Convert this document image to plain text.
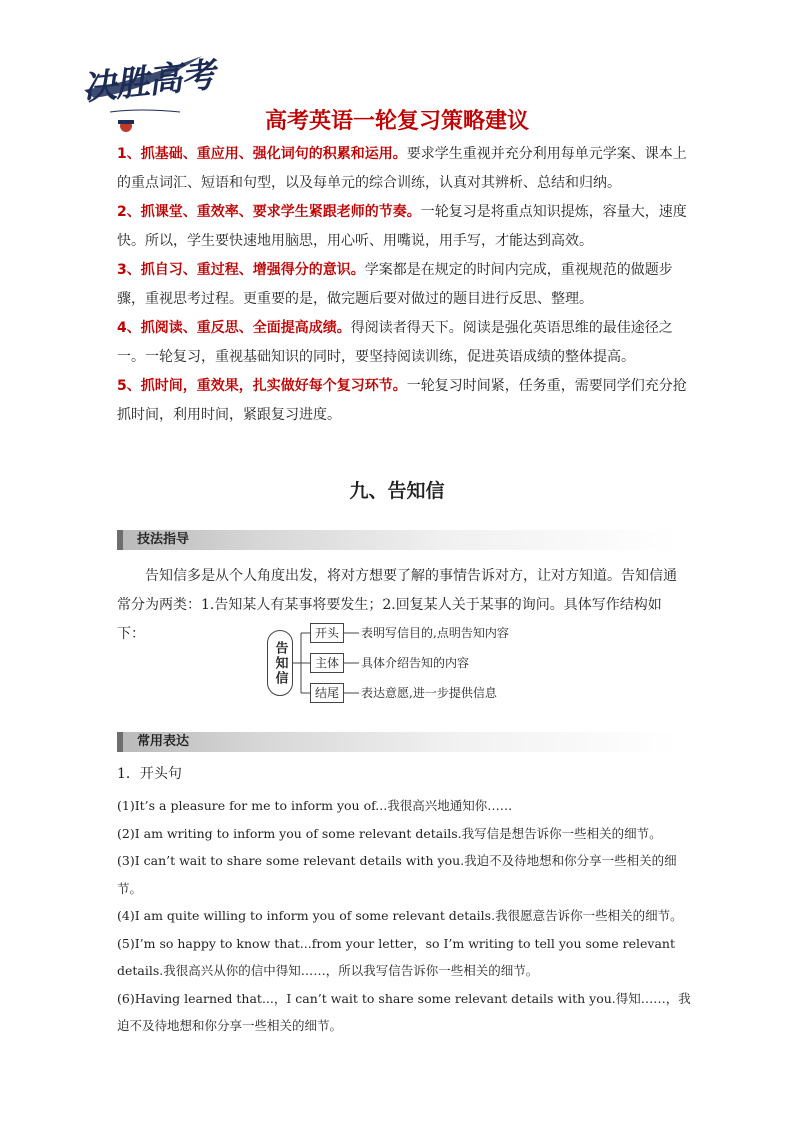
决胜高考
高考英语一轮复习策略建议

1、抓基础、重应用、强化词句的积累和运用。要求学生重视并充分利用每单元学案、课本上的重点词汇、短语和句型，以及每单元的综合训练，认真对其辨析、总结和归纳。

2、抓课堂、重效率、要求学生紧跟老师的节奏。一轮复习是将重点知识提炼，容量大，速度快。所以，学生要快速地用脑思，用心听、用嘴说，用手写，才能达到高效。

3、抓自习、重过程、增强得分的意识。学案都是在规定的时间内完成，重视规范的做题步骤，重视思考过程。更重要的是，做完题后要对做过的题目进行反思、整理。

4、抓阅读、重反思、全面提高成绩。得阅读者得天下。阅读是强化英语思维的最佳途径之一。一轮复习，重视基础知识的同时，要坚持阅读训练，促进英语成绩的整体提高。

5、抓时间，重效果，扎实做好每个复习环节。一轮复习时间紧，任务重，需要同学们充分抢抓时间，利用时间，紧跟复习进度。

九、告知信
技法指导

告知信多是从个人角度出发，将对方想要了解的事情告诉对方，让对方知道。告知信通常分为两类：1.告知某人有某事将要发生；2.回复某人关于某事的询问。具体写作结构如下：

告知信
开头	表明写信目的,点明告知内容
主体	具体介绍告知的内容
结尾	表达意愿,进一步提供信息
常用表达
1．开头句

(1)It’s a pleasure for me to inform you of...我很高兴地通知你……

(2)I am writing to inform you of some relevant details.我写信是想告诉你一些相关的细节。

(3)I can’t wait to share some relevant details with you.我迫不及待地想和你分享一些相关的细节。

(4)I am quite willing to inform you of some relevant details.我很愿意告诉你一些相关的细节。

(5)I’m so happy to know that...from your letter，so I’m writing to tell you some relevant details.我很高兴从你的信中得知……，所以我写信告诉你一些相关的细节。

(6)Having learned that...，I can’t wait to share some relevant details with you.得知……，我迫不及待地想和你分享一些相关的细节。
